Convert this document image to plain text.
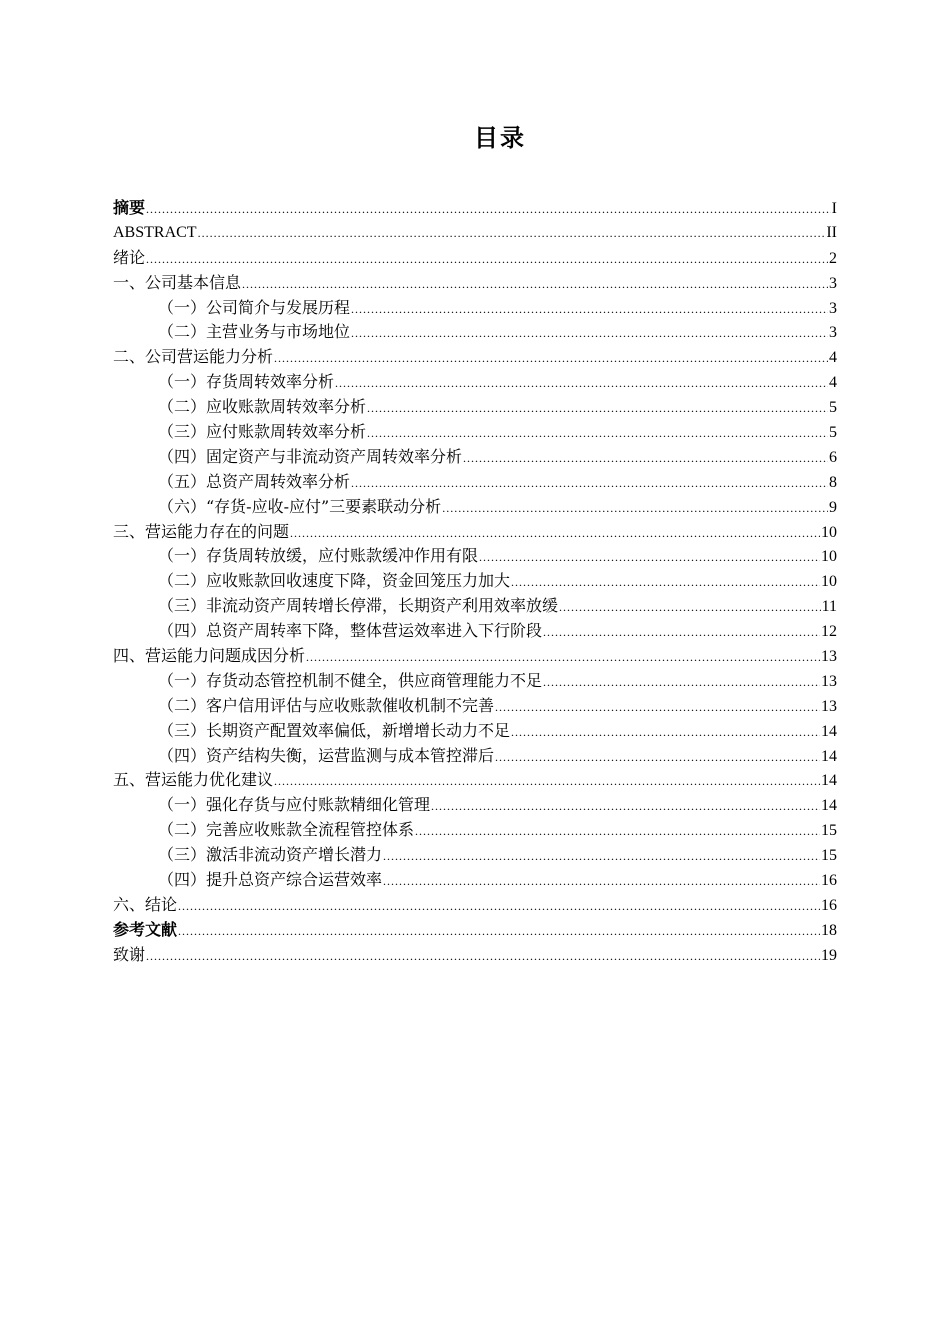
目录
摘要 .....	I
ABSTRACT .....	II
绪论 .....	2
一、公司基本信息 .....	3
（一）公司简介与发展历程 .....	3
（二）主营业务与市场地位 .....	3
二、公司营运能力分析 .....	4
（一）存货周转效率分析 .....	4
（二）应收账款周转效率分析 .....	5
（三）应付账款周转效率分析 .....	5
（四）固定资产与非流动资产周转效率分析 .....	6
（五）总资产周转效率分析 .....	8
（六）“存货-应收-应付”三要素联动分析 .....	9
三、营运能力存在的问题 .....	10
（一）存货周转放缓，应付账款缓冲作用有限 .....	10
（二）应收账款回收速度下降，资金回笼压力加大 .....	10
（三）非流动资产周转增长停滞，长期资产利用效率放缓 .....	11
（四）总资产周转率下降，整体营运效率进入下行阶段 .....	12
四、营运能力问题成因分析 .....	13
（一）存货动态管控机制不健全，供应商管理能力不足 .....	13
（二）客户信用评估与应收账款催收机制不完善 .....	13
（三）长期资产配置效率偏低，新增增长动力不足 .....	14
（四）资产结构失衡，运营监测与成本管控滞后 .....	14
五、营运能力优化建议 .....	14
（一）强化存货与应付账款精细化管理 .....	14
（二）完善应收账款全流程管控体系 .....	15
（三）激活非流动资产增长潜力 .....	15
（四）提升总资产综合运营效率 .....	16
六、结论 .....	16
参考文献 .....	18
致谢 .....	19
